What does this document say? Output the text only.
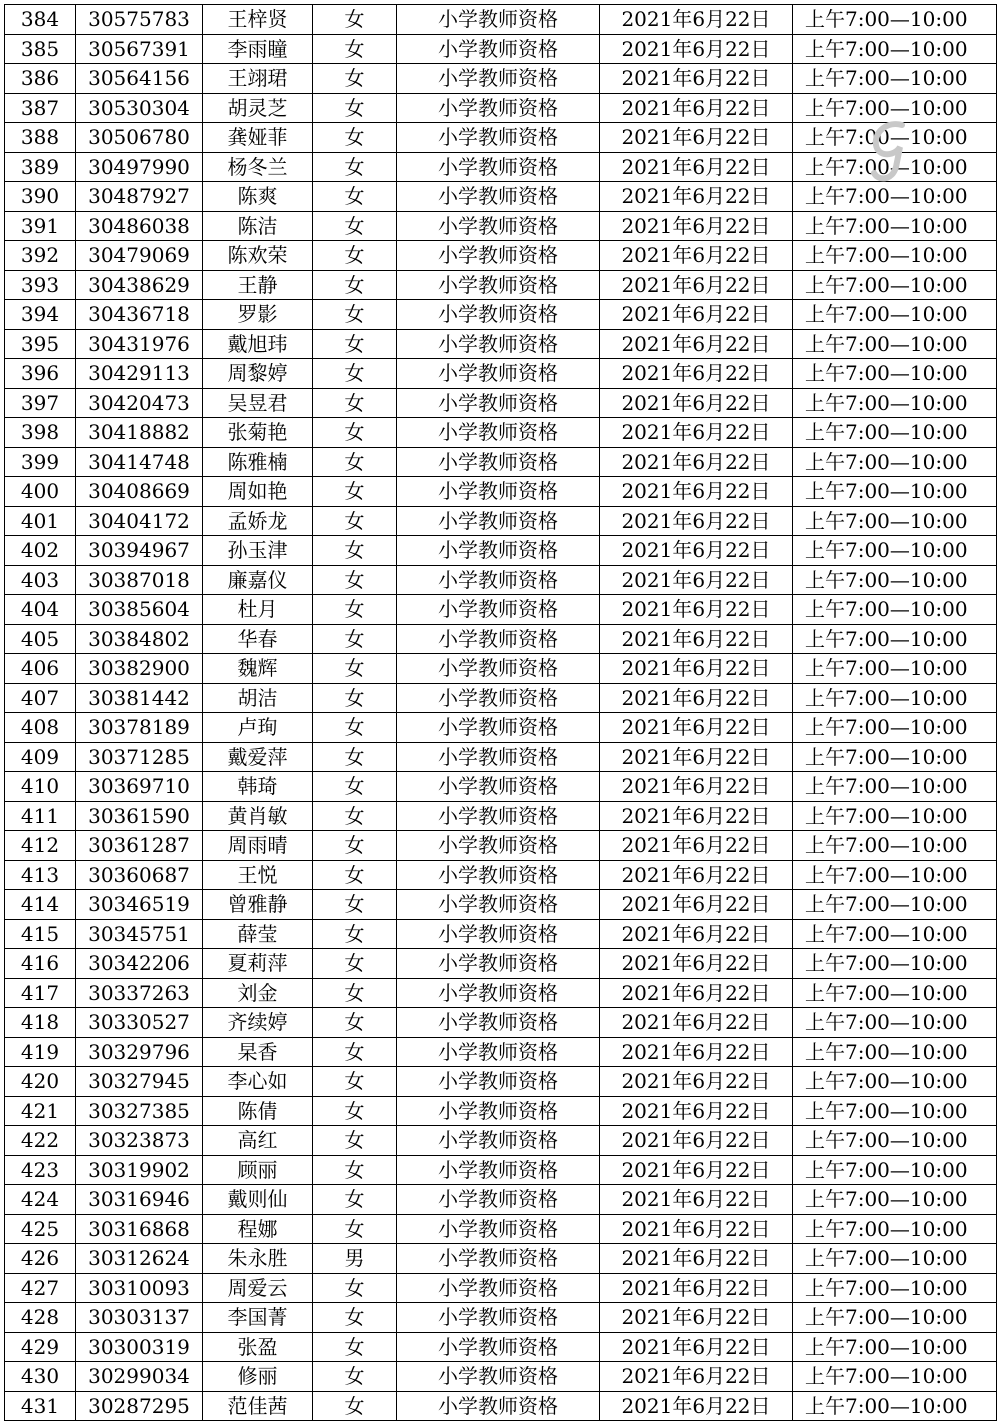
384	30575783	王梓贤	女	小学教师资格	2021年6月22日	上午7:00—10:00
385	30567391	李雨瞳	女	小学教师资格	2021年6月22日	上午7:00—10:00
386	30564156	王翊珺	女	小学教师资格	2021年6月22日	上午7:00—10:00
387	30530304	胡灵芝	女	小学教师资格	2021年6月22日	上午7:00—10:00
388	30506780	龚娅菲	女	小学教师资格	2021年6月22日	上午7:00—10:00
389	30497990	杨冬兰	女	小学教师资格	2021年6月22日	上午7:00—10:00
390	30487927	陈爽	女	小学教师资格	2021年6月22日	上午7:00—10:00
391	30486038	陈洁	女	小学教师资格	2021年6月22日	上午7:00—10:00
392	30479069	陈欢荣	女	小学教师资格	2021年6月22日	上午7:00—10:00
393	30438629	王静	女	小学教师资格	2021年6月22日	上午7:00—10:00
394	30436718	罗影	女	小学教师资格	2021年6月22日	上午7:00—10:00
395	30431976	戴旭玮	女	小学教师资格	2021年6月22日	上午7:00—10:00
396	30429113	周黎婷	女	小学教师资格	2021年6月22日	上午7:00—10:00
397	30420473	吴昱君	女	小学教师资格	2021年6月22日	上午7:00—10:00
398	30418882	张菊艳	女	小学教师资格	2021年6月22日	上午7:00—10:00
399	30414748	陈雅楠	女	小学教师资格	2021年6月22日	上午7:00—10:00
400	30408669	周如艳	女	小学教师资格	2021年6月22日	上午7:00—10:00
401	30404172	孟娇龙	女	小学教师资格	2021年6月22日	上午7:00—10:00
402	30394967	孙玉津	女	小学教师资格	2021年6月22日	上午7:00—10:00
403	30387018	廉嘉仪	女	小学教师资格	2021年6月22日	上午7:00—10:00
404	30385604	杜月	女	小学教师资格	2021年6月22日	上午7:00—10:00
405	30384802	华春	女	小学教师资格	2021年6月22日	上午7:00—10:00
406	30382900	魏辉	女	小学教师资格	2021年6月22日	上午7:00—10:00
407	30381442	胡洁	女	小学教师资格	2021年6月22日	上午7:00—10:00
408	30378189	卢珣	女	小学教师资格	2021年6月22日	上午7:00—10:00
409	30371285	戴爱萍	女	小学教师资格	2021年6月22日	上午7:00—10:00
410	30369710	韩琦	女	小学教师资格	2021年6月22日	上午7:00—10:00
411	30361590	黄肖敏	女	小学教师资格	2021年6月22日	上午7:00—10:00
412	30361287	周雨晴	女	小学教师资格	2021年6月22日	上午7:00—10:00
413	30360687	王悦	女	小学教师资格	2021年6月22日	上午7:00—10:00
414	30346519	曾雅静	女	小学教师资格	2021年6月22日	上午7:00—10:00
415	30345751	薛莹	女	小学教师资格	2021年6月22日	上午7:00—10:00
416	30342206	夏莉萍	女	小学教师资格	2021年6月22日	上午7:00—10:00
417	30337263	刘金	女	小学教师资格	2021年6月22日	上午7:00—10:00
418	30330527	齐续婷	女	小学教师资格	2021年6月22日	上午7:00—10:00
419	30329796	杲香	女	小学教师资格	2021年6月22日	上午7:00—10:00
420	30327945	李心如	女	小学教师资格	2021年6月22日	上午7:00—10:00
421	30327385	陈倩	女	小学教师资格	2021年6月22日	上午7:00—10:00
422	30323873	高红	女	小学教师资格	2021年6月22日	上午7:00—10:00
423	30319902	顾丽	女	小学教师资格	2021年6月22日	上午7:00—10:00
424	30316946	戴则仙	女	小学教师资格	2021年6月22日	上午7:00—10:00
425	30316868	程娜	女	小学教师资格	2021年6月22日	上午7:00—10:00
426	30312624	朱永胜	男	小学教师资格	2021年6月22日	上午7:00—10:00
427	30310093	周爱云	女	小学教师资格	2021年6月22日	上午7:00—10:00
428	30303137	李国菁	女	小学教师资格	2021年6月22日	上午7:00—10:00
429	30300319	张盈	女	小学教师资格	2021年6月22日	上午7:00—10:00
430	30299034	修丽	女	小学教师资格	2021年6月22日	上午7:00—10:00
431	30287295	范佳茜	女	小学教师资格	2021年6月22日	上午7:00—10:00
